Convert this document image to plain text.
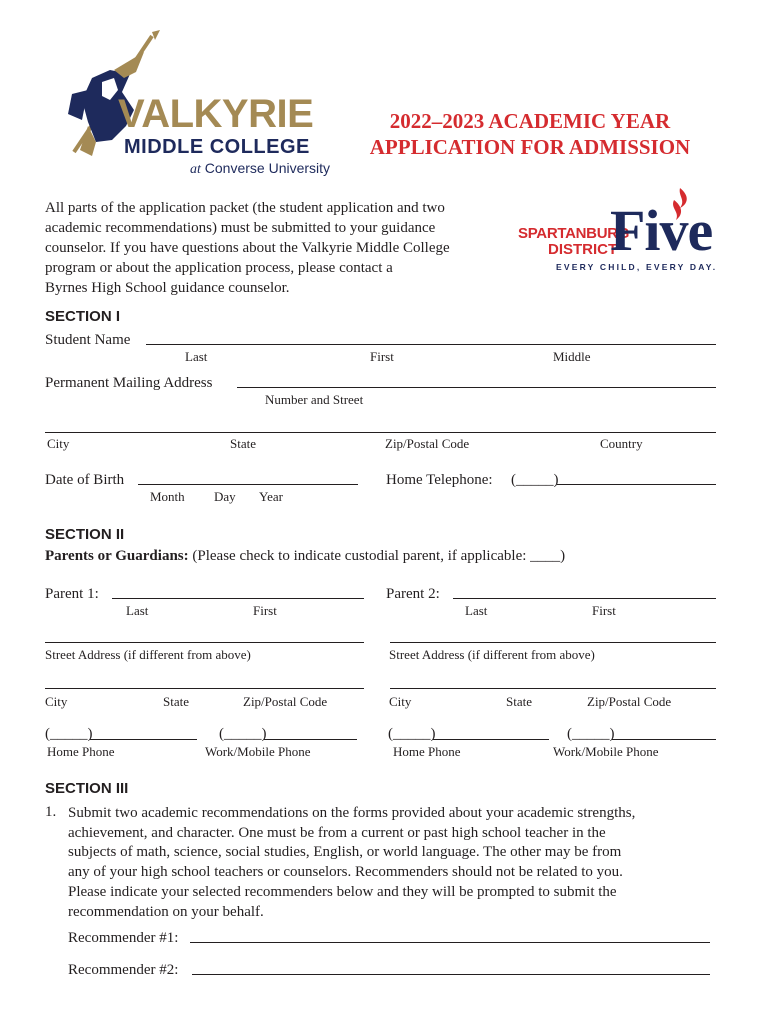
VALKYRIE
MIDDLE COLLEGE
at Converse University
2022–2023 ACADEMIC YEAR
APPLICATION FOR ADMISSION

All parts of the application packet (the student application and two

academic recommendations) must be submitted to your guidance

counselor. If you have questions about the Valkyrie Middle College

program or about the application process, please contact a

Byrnes High School guidance counselor.

SPARTANBURG
DISTRICT
Five
EVERY CHILD, EVERY DAY.
SECTION I
Student Name
Last	First	Middle
Permanent Mailing Address
Number and Street
City	State	Zip/Postal Code	Country
Date of Birth
Month Day Year
Home Telephone: (_____)
SECTION II
Parents or Guardians: (Please check to indicate custodial parent, if applicable: ____)
Parent 1:
Last	First
Street Address (if different from above)
City	State	Zip/Postal Code
(_____)	(_____)
Home Phone	Work/Mobile Phone
Parent 2:
Last	First
Street Address (if different from above)
City	State	Zip/Postal Code
(_____)	(_____)
Home Phone	Work/Mobile Phone
SECTION III
1. Submit two academic recommendations on the forms provided about your academic strengths,

achievement, and character. One must be from a current or past high school teacher in the

subjects of math, science, social studies, English, or world language. The other may be from

any of your high school teachers or counselors. Recommenders should not be related to you.

Please indicate your selected recommenders below and they will be prompted to submit the

recommendation on your behalf.

Recommender #1:
Recommender #2:
